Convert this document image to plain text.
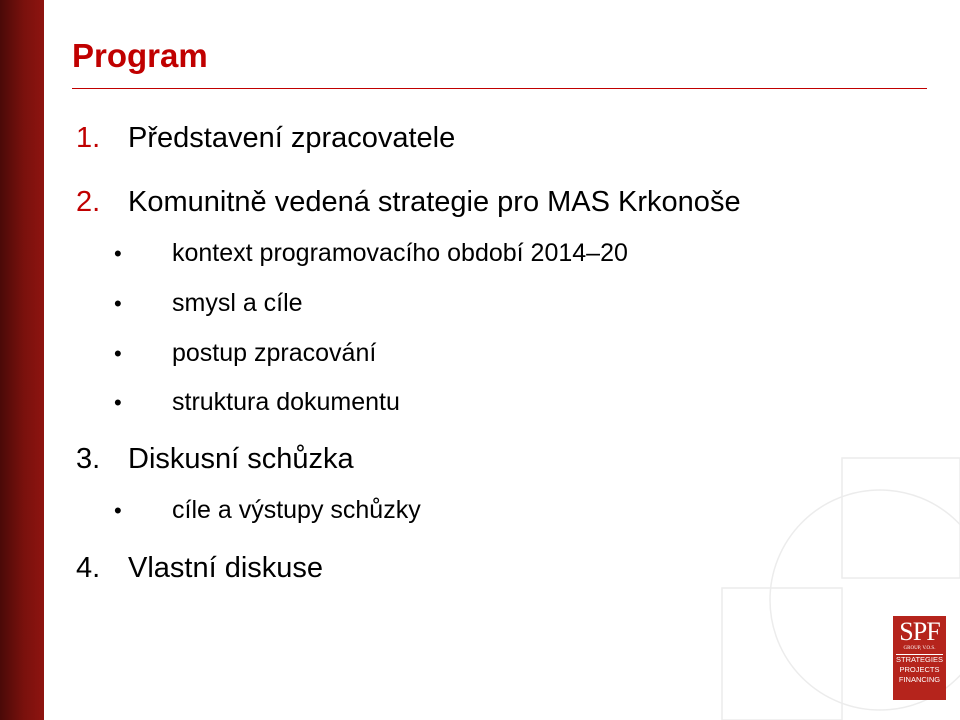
Program
1. Představení zpracovatele
2. Komunitně vedená strategie pro MAS Krkonoše
• kontext programovacího období 2014–20
• smysl a cíle
• postup zpracování
• struktura dokumentu
3. Diskusní schůzka
• cíle a výstupy schůzky
4. Vlastní diskuse
SPF
GROUP, V.O.S.
STRATEGIES
PROJECTS
FINANCING
